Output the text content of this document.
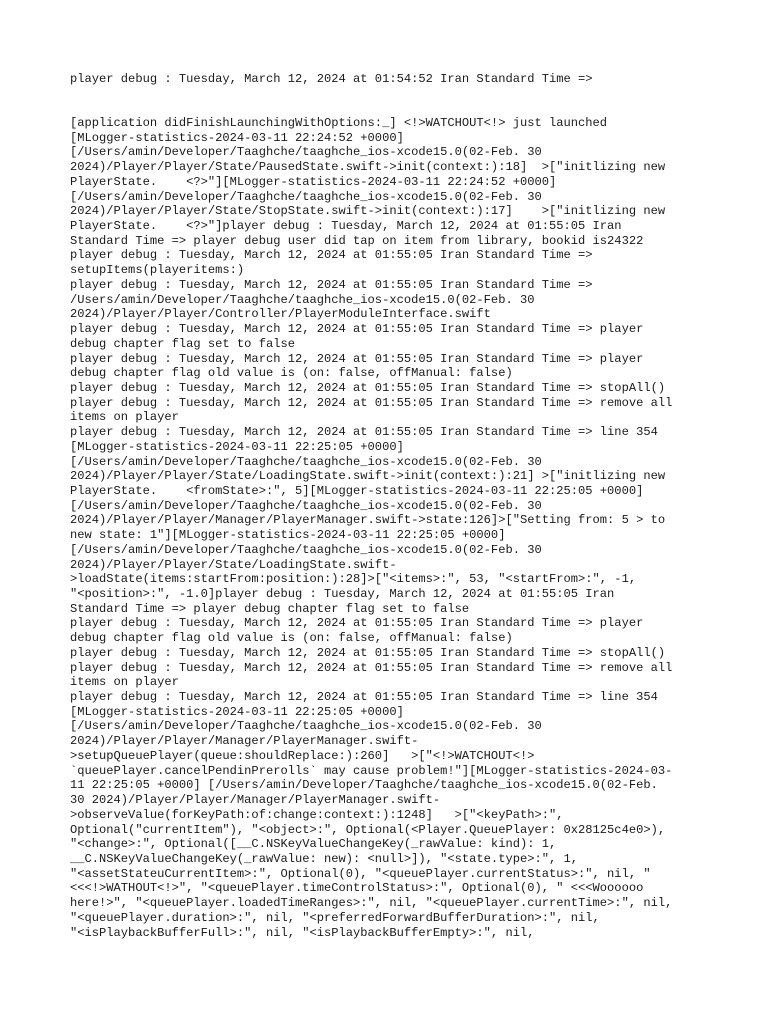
player debug : Tuesday, March 12, 2024 at 01:54:52 Iran Standard Time =>
[application didFinishLaunchingWithOptions:_] <!>WATCHOUT<!> just launched
[MLogger-statistics-2024-03-11 22:24:52 +0000]
[/Users/amin/Developer/Taaghche/taaghche_ios-xcode15.0(02-Feb. 30
2024)/Player/Player/State/PausedState.swift->init(context:):18]  >["initlizing new
PlayerState.    <?>"][MLogger-statistics-2024-03-11 22:24:52 +0000]
[/Users/amin/Developer/Taaghche/taaghche_ios-xcode15.0(02-Feb. 30
2024)/Player/Player/State/StopState.swift->init(context:):17]    >["initlizing new
PlayerState.    <?>"]player debug : Tuesday, March 12, 2024 at 01:55:05 Iran
Standard Time => player debug user did tap on item from library, bookid is24322
player debug : Tuesday, March 12, 2024 at 01:55:05 Iran Standard Time =>
setupItems(playeritems:)
player debug : Tuesday, March 12, 2024 at 01:55:05 Iran Standard Time =>
/Users/amin/Developer/Taaghche/taaghche_ios-xcode15.0(02-Feb. 30
2024)/Player/Player/Controller/PlayerModuleInterface.swift
player debug : Tuesday, March 12, 2024 at 01:55:05 Iran Standard Time => player
debug chapter flag set to false
player debug : Tuesday, March 12, 2024 at 01:55:05 Iran Standard Time => player
debug chapter flag old value is (on: false, offManual: false)
player debug : Tuesday, March 12, 2024 at 01:55:05 Iran Standard Time => stopAll()
player debug : Tuesday, March 12, 2024 at 01:55:05 Iran Standard Time => remove all
items on player
player debug : Tuesday, March 12, 2024 at 01:55:05 Iran Standard Time => line 354
[MLogger-statistics-2024-03-11 22:25:05 +0000]
[/Users/amin/Developer/Taaghche/taaghche_ios-xcode15.0(02-Feb. 30
2024)/Player/Player/State/LoadingState.swift->init(context:):21] >["initlizing new
PlayerState.    <fromState>:", 5][MLogger-statistics-2024-03-11 22:25:05 +0000]
[/Users/amin/Developer/Taaghche/taaghche_ios-xcode15.0(02-Feb. 30
2024)/Player/Player/Manager/PlayerManager.swift->state:126]>["Setting from: 5 > to
new state: 1"][MLogger-statistics-2024-03-11 22:25:05 +0000]
[/Users/amin/Developer/Taaghche/taaghche_ios-xcode15.0(02-Feb. 30
2024)/Player/Player/State/LoadingState.swift-
>loadState(items:startFrom:position:):28]>["<items>:", 53, "<startFrom>:", -1,
"<position>:", -1.0]player debug : Tuesday, March 12, 2024 at 01:55:05 Iran
Standard Time => player debug chapter flag set to false
player debug : Tuesday, March 12, 2024 at 01:55:05 Iran Standard Time => player
debug chapter flag old value is (on: false, offManual: false)
player debug : Tuesday, March 12, 2024 at 01:55:05 Iran Standard Time => stopAll()
player debug : Tuesday, March 12, 2024 at 01:55:05 Iran Standard Time => remove all
items on player
player debug : Tuesday, March 12, 2024 at 01:55:05 Iran Standard Time => line 354
[MLogger-statistics-2024-03-11 22:25:05 +0000]
[/Users/amin/Developer/Taaghche/taaghche_ios-xcode15.0(02-Feb. 30
2024)/Player/Player/Manager/PlayerManager.swift-
>setupQueuePlayer(queue:shouldReplace:):260]   >["<!>WATCHOUT<!>
`queuePlayer.cancelPendinPrerolls` may cause problem!"][MLogger-statistics-2024-03-
11 22:25:05 +0000] [/Users/amin/Developer/Taaghche/taaghche_ios-xcode15.0(02-Feb.
30 2024)/Player/Player/Manager/PlayerManager.swift-
>observeValue(forKeyPath:of:change:context:):1248]   >["<keyPath>:",
Optional("currentItem"), "<object>:", Optional(<Player.QueuePlayer: 0x28125c4e0>),
"<change>:", Optional([__C.NSKeyValueChangeKey(_rawValue: kind): 1,
__C.NSKeyValueChangeKey(_rawValue: new): <null>]), "<state.type>:", 1,
"<assetStateuCurrentItem>:", Optional(0), "<queuePlayer.currentStatus>:", nil, "
<<<!>WATHOUT<!>", "<queuePlayer.timeControlStatus>:", Optional(0), " <<<Woooooo
here!>", "<queuePlayer.loadedTimeRanges>:", nil, "<queuePlayer.currentTime>:", nil,
"<queuePlayer.duration>:", nil, "<preferredForwardBufferDuration>:", nil,
"<isPlaybackBufferFull>:", nil, "<isPlaybackBufferEmpty>:", nil,
